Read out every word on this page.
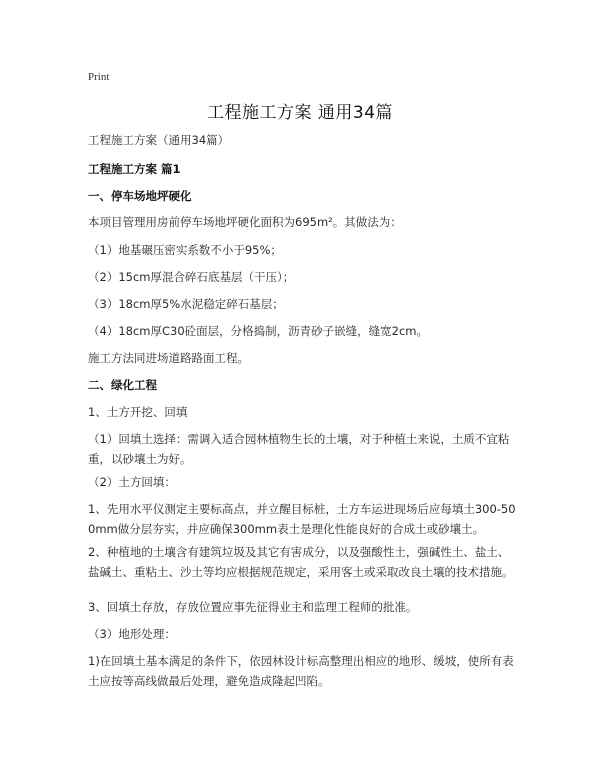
Print
工程施工方案 通用34篇
工程施工方案（通用34篇）
工程施工方案 篇1
一、停车场地坪硬化
本项目管理用房前停车场地坪硬化面积为695m²。其做法为：
（1）地基碾压密实系数不小于95%；
（2）15cm厚混合碎石底基层（干压）；
（3）18cm厚5%水泥稳定碎石基层；
（4）18cm厚C30砼面层，分格捣制，沥青砂子嵌缝，缝宽2cm。
施工方法同进场道路路面工程。
二、绿化工程
1、土方开挖、回填
（1）回填土选择：需调入适合园林植物生长的土壤，对于种植土来说，土质不宜粘重，以砂壤土为好。
（2）土方回填：
1、先用水平仪测定主要标高点，并立醒目标桩，土方车运进现场后应每填土300-500mm做分层夯实，并应确保300mm表土是理化性能良好的合成土或砂壤土。
2、种植地的土壤含有建筑垃圾及其它有害成分，以及强酸性土，强碱性土、盐土、盐碱土、重粘土、沙土等均应根据规范规定，采用客土或采取改良土壤的技术措施。
3、回填土存放，存放位置应事先征得业主和监理工程师的批准。
（3）地形处理：
1)在回填土基本满足的条件下，依园林设计标高整理出相应的地形、缓坡，使所有表土应按等高线做最后处理，避免造成隆起凹陷。
